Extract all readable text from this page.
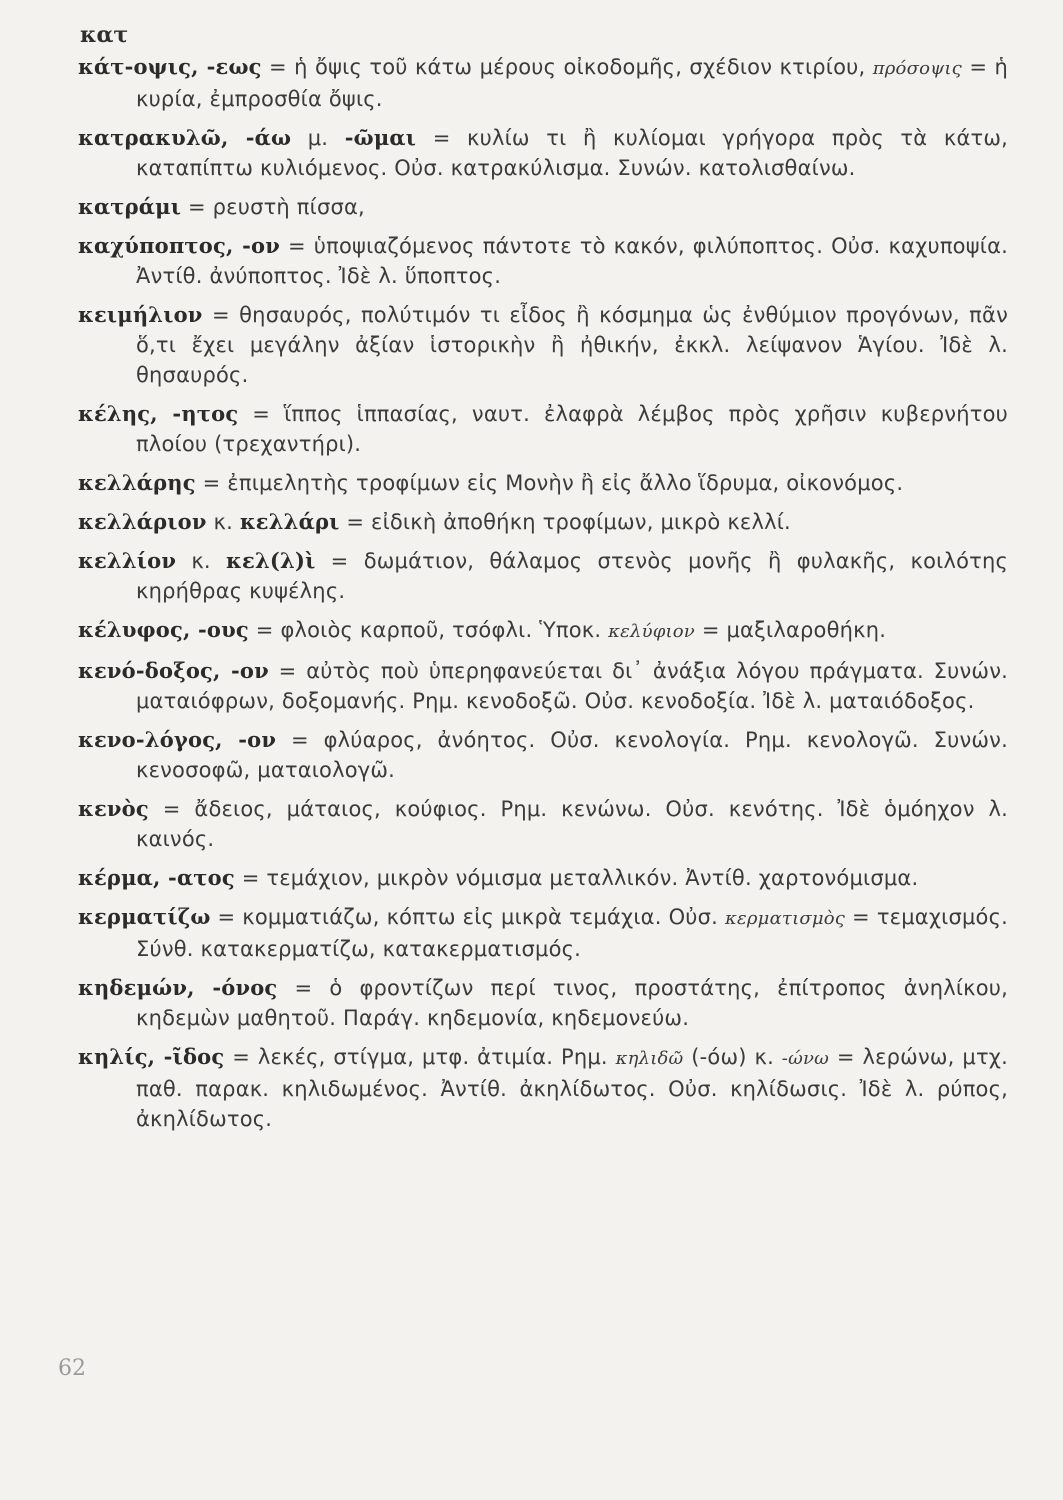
κατ

κάτ-οψις, -εως = ἡ ὄψις τοῦ κάτω μέρους οἰκοδομῆς, σχέδιον κτιρίου, πρόσοψις = ἡ κυρία, ἐμπροσθία ὄψις.

κατρακυλῶ, -άω μ. -ῶμαι = κυλίω τι ἢ κυλίομαι γρήγορα πρὸς τὰ κάτω, καταπίπτω κυλιόμενος. Οὐσ. κατρακύλισμα. Συνών. κατολισθαίνω.

κατράμι = ρευστὴ πίσσα,

καχύποπτος, -ον = ὑποψιαζόμενος πάντοτε τὸ κακόν, φιλύποπτος. Οὐσ. καχυποψία. Ἀντίθ. ἀνύποπτος. Ἰδὲ λ. ὕποπτος.

κειμήλιον = θησαυρός, πολύτιμόν τι εἶδος ἢ κόσμημα ὡς ἐνθύμιον προγόνων, πᾶν ὅ,τι ἔχει μεγάλην ἀξίαν ἱστορικὴν ἢ ἠθικήν, ἐκκλ. λείψανον Ἁγίου. Ἰδὲ λ. θησαυρός.

κέλης, -ητος = ἵππος ἱππασίας, ναυτ. ἐλαφρὰ λέμβος πρὸς χρῆσιν κυβερνήτου πλοίου (τρεχαντήρι).

κελλάρης = ἐπιμελητὴς τροφίμων εἰς Μονὴν ἢ εἰς ἄλλο ἵδρυμα, οἰκονόμος.

κελλάριον κ. κελλάρι = εἰδικὴ ἀποθήκη τροφίμων, μικρὸ κελλί.

κελλίον κ. κελ(λ)ὶ = δωμάτιον, θάλαμος στενὸς μονῆς ἢ φυλακῆς, κοιλότης κηρήθρας κυψέλης.

κέλυφος, -ους = φλοιὸς καρποῦ, τσόφλι. Ὑποκ. κελύφιον = μαξιλαροθήκη.

κενό-δοξος, -ον = αὐτὸς ποὺ ὑπερηφανεύεται δι᾽ ἀνάξια λόγου πράγματα. Συνών. ματαιόφρων, δοξομανής. Ρημ. κενοδοξῶ. Οὐσ. κενοδοξία. Ἰδὲ λ. ματαιόδοξος.

κενο-λόγος, -ον = φλύαρος, ἀνόητος. Οὐσ. κενολογία. Ρημ. κενολογῶ. Συνών. κενοσοφῶ, ματαιολογῶ.

κενὸς = ἄδειος, μάταιος, κούφιος. Ρημ. κενώνω. Οὐσ. κενότης. Ἰδὲ ὁμόηχον λ. καινός.

κέρμα, -ατος = τεμάχιον, μικρὸν νόμισμα μεταλλικόν. Ἀντίθ. χαρτονόμισμα.

κερματίζω = κομματιάζω, κόπτω εἰς μικρὰ τεμάχια. Οὐσ. κερματισμὸς = τεμαχισμός. Σύνθ. κατακερματίζω, κατακερματισμός.

κηδεμών, -όνος = ὁ φροντίζων περί τινος, προστάτης, ἐπίτροπος ἀνηλίκου, κηδεμὼν μαθητοῦ. Παράγ. κηδεμονία, κηδεμονεύω.

κηλίς, -ῖδος = λεκές, στίγμα, μτφ. ἀτιμία. Ρημ. κηλιδῶ (-όω) κ. -ώνω = λερώνω, μτχ. παθ. παρακ. κηλιδωμένος. Ἀντίθ. ἀκηλίδωτος. Οὐσ. κηλίδωσις. Ἰδὲ λ. ρύπος, ἀκηλίδωτος.

62
